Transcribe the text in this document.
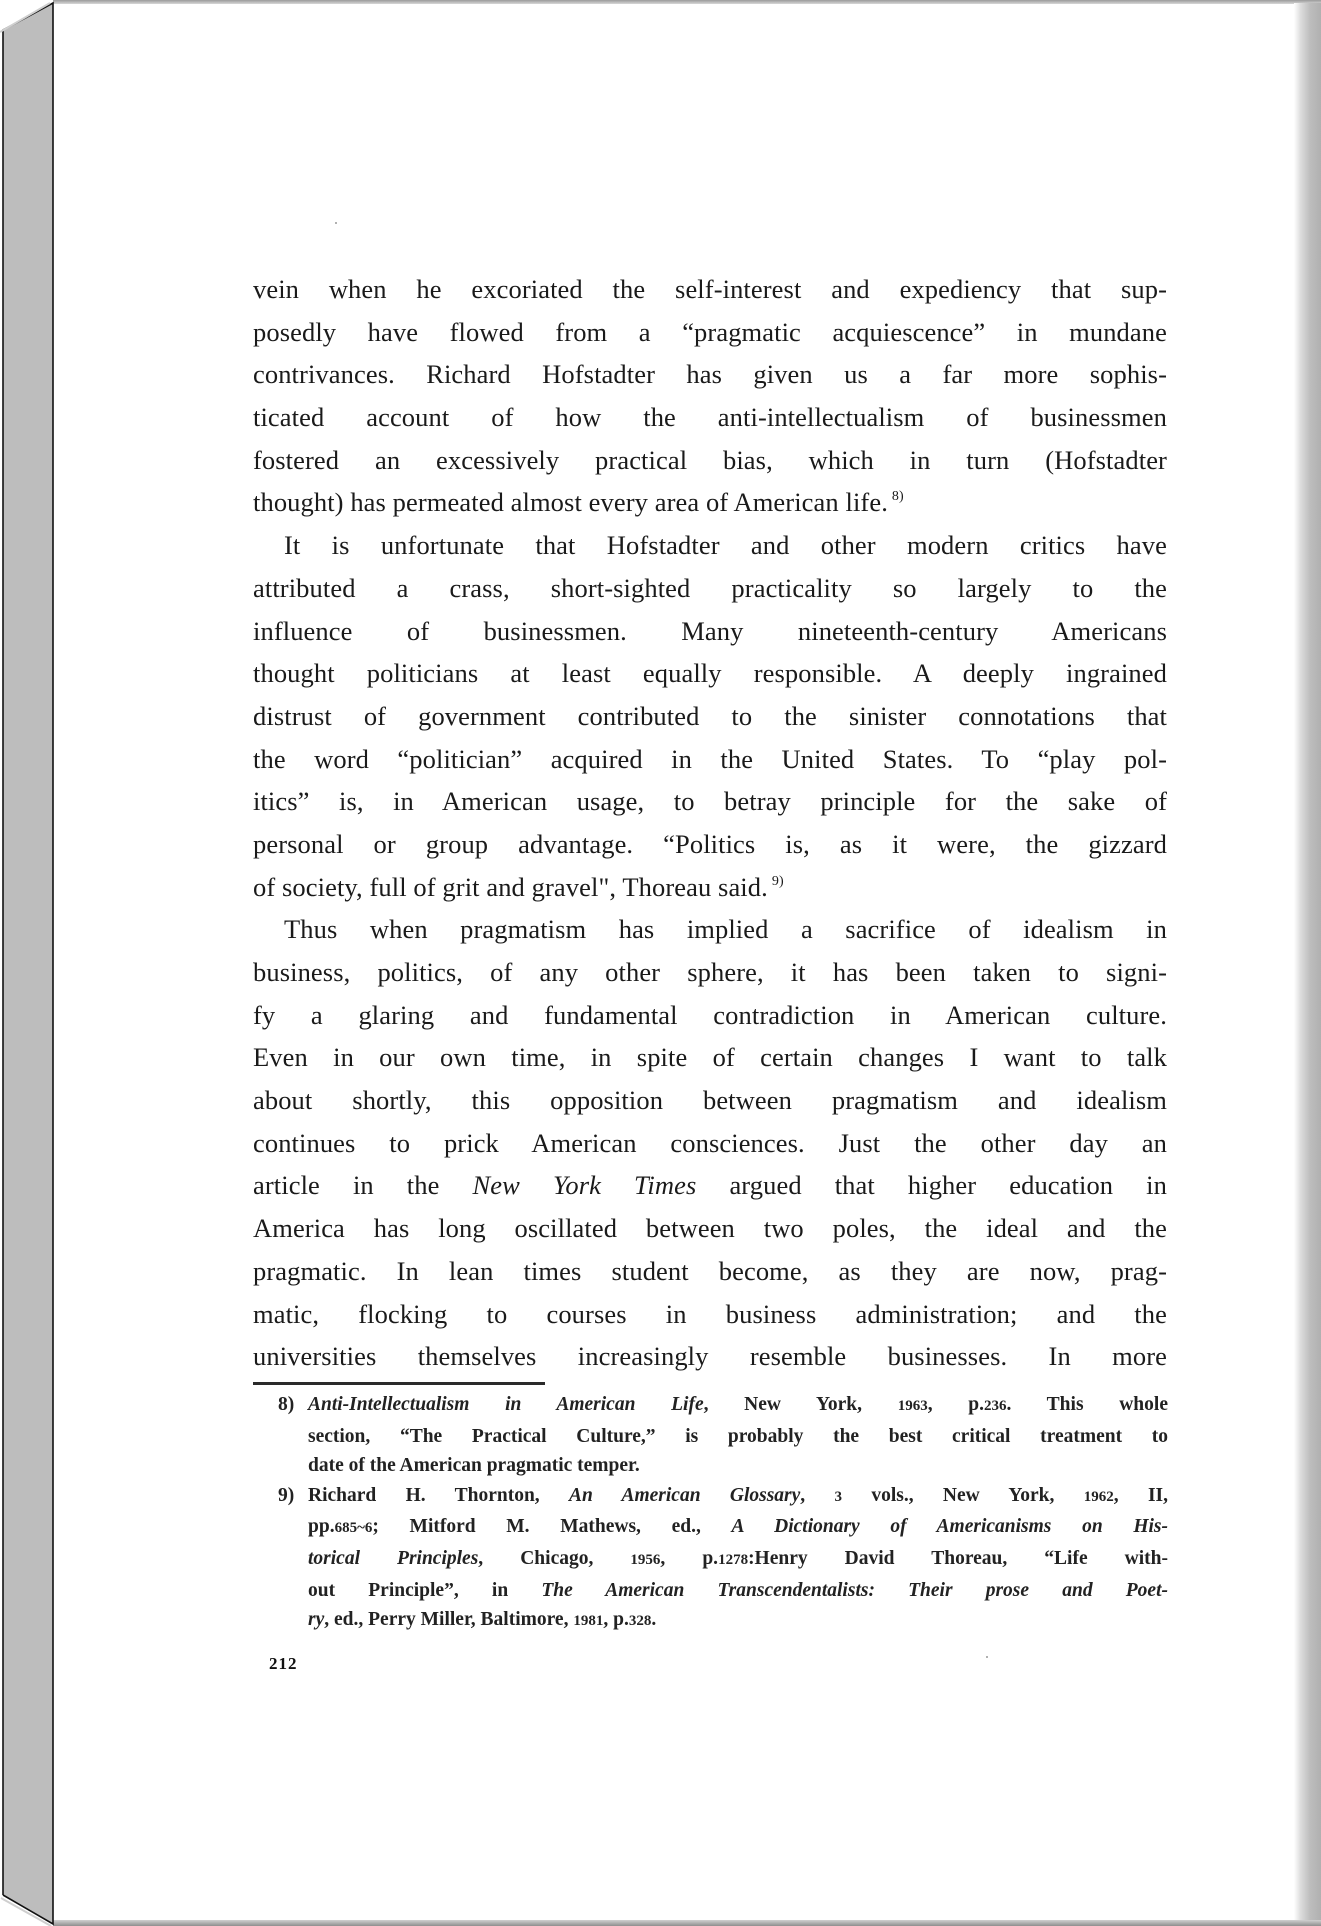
vein when he excoriated the self-interest and expediency that sup-
posedly have flowed from a “pragmatic acquiescence” in mundane
contrivances. Richard Hofstadter has given us a far more sophis-
ticated account of how the anti-intellectualism of businessmen
fostered an excessively practical bias, which in turn (Hofstadter
thought) has permeated almost every area of American life. $^{8)}$
It is unfortunate that Hofstadter and other modern critics have
attributed a crass, short-sighted practicality so largely to the
influence of businessmen. Many nineteenth-century Americans
thought politicians at least equally responsible. A deeply ingrained
distrust of government contributed to the sinister connotations that
the word “politician” acquired in the United States. To “play pol-
itics” is, in American usage, to betray principle for the sake of
personal or group advantage. “Politics is, as it were, the gizzard
of society, full of grit and gravel", Thoreau said. $^{9)}$
Thus when pragmatism has implied a sacrifice of idealism in
business, politics, of any other sphere, it has been taken to signi-
fy a glaring and fundamental contradiction in American culture.
Even in our own time, in spite of certain changes I want to talk
about shortly, this opposition between pragmatism and idealism
continues to prick American consciences. Just the other day an
article in the New York Times argued that higher education in
America has long oscillated between two poles, the ideal and the
pragmatic. In lean times student become, as they are now, prag-
matic, flocking to courses in business administration; and the
universities themselves increasingly resemble businesses. In more
8) Anti-Intellectualism in American Life, New York, 1963, p.236. This whole
section, “The Practical Culture,” is probably the best critical treatment to
date of the American pragmatic temper.
9) Richard H. Thornton, An American Glossary, 3 vols., New York, 1962, II,
pp.685~6; Mitford M. Mathews, ed., A Dictionary of Americanisms on His-
torical Principles, Chicago, 1956, p.1278:Henry David Thoreau, “Life with-
out Principle”, in The American Transcendentalists: Their prose and Poet-
ry, ed., Perry Miller, Baltimore, 1981, p.328.
212
